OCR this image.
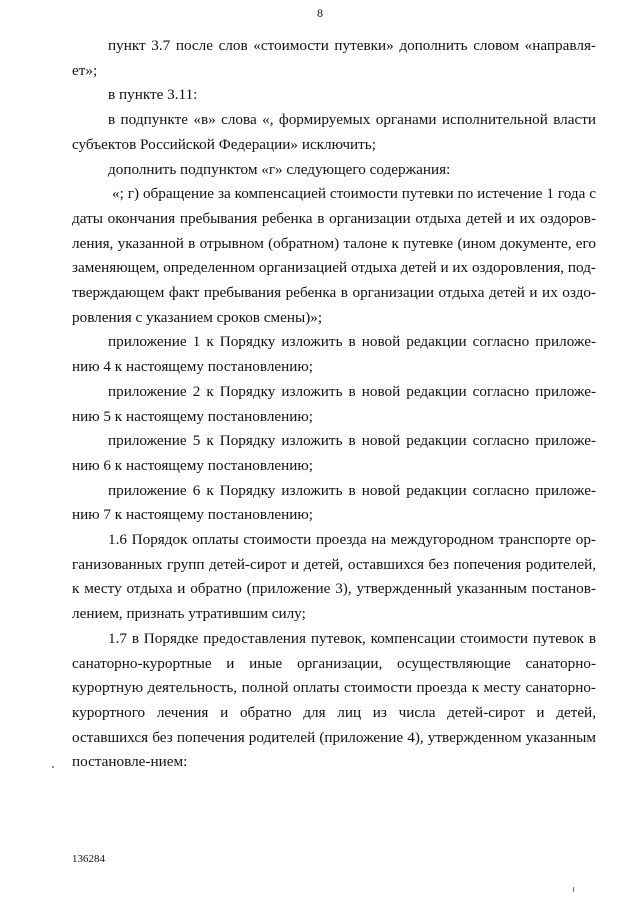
8

пункт 3.7 после слов «стоимости путевки» дополнить словом «направля-ет»;

в пункте 3.11:

в подпункте «в» слова «, формируемых органами исполнительной власти субъектов Российской Федерации» исключить;

дополнить подпунктом «г» следующего содержания:

«; г) обращение за компенсацией стоимости путевки по истечение 1 года с даты окончания пребывания ребенка в организации отдыха детей и их оздоров-ления, указанной в отрывном (обратном) талоне к путевке (ином документе, его заменяющем, определенном организацией отдыха детей и их оздоровления, под-тверждающем факт пребывания ребенка в организации отдыха детей и их оздо-ровления с указанием сроков смены)»;

приложение 1 к Порядку изложить в новой редакции согласно приложе-нию 4 к настоящему постановлению;

приложение 2 к Порядку изложить в новой редакции согласно приложе-нию 5 к настоящему постановлению;

приложение 5 к Порядку изложить в новой редакции согласно приложе-нию 6 к настоящему постановлению;

приложение 6 к Порядку изложить в новой редакции согласно приложе-нию 7 к настоящему постановлению;

1.6 Порядок оплаты стоимости проезда на междугородном транспорте ор-ганизованных групп детей-сирот и детей, оставшихся без попечения родителей, к месту отдыха и обратно (приложение 3), утвержденный указанным постанов-лением, признать утратившим силу;

1.7 в Порядке предоставления путевок, компенсации стоимости путевок в санаторно-курортные и иные организации, осуществляющие санаторно-курортную деятельность, полной оплаты стоимости проезда к месту санаторно-курортного лечения и обратно для лиц из числа детей-сирот и детей, оставшихся без попечения родителей (приложение 4), утвержденном указанным постановле-нием:

136284
